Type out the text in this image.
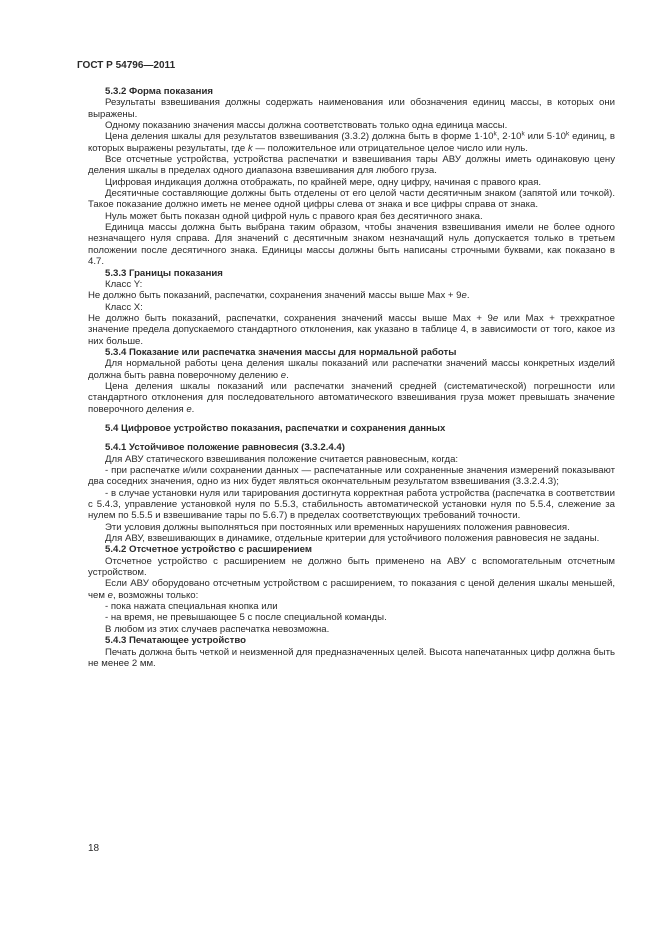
ГОСТ Р 54796—2011

5.3.2 Форма показания

Результаты взвешивания должны содержать наименования или обозначения единиц массы, в которых они выражены.

Одному показанию значения массы должна соответствовать только одна единица массы.

Цена деления шкалы для результатов взвешивания (3.3.2) должна быть в форме $1\cdot 10^k$, $2\cdot 10^k$ или $5\cdot 10^k$ единиц, в которых выражены результаты, где k — положительное или отрицательное целое число или нуль.

Все отсчетные устройства, устройства распечатки и взвешивания тары АВУ должны иметь одинаковую цену деления шкалы в пределах одного диапазона взвешивания для любого груза.

Цифровая индикация должна отображать, по крайней мере, одну цифру, начиная с правого края.

Десятичные составляющие должны быть отделены от его целой части десятичным знаком (запятой или точкой). Такое показание должно иметь не менее одной цифры слева от знака и все цифры справа от знака.

Нуль может быть показан одной цифрой нуль с правого края без десятичного знака.

Единица массы должна быть выбрана таким образом, чтобы значения взвешивания имели не более одного незначащего нуля справа. Для значений с десятичным знаком незначащий нуль допускается только в третьем положении после десятичного знака. Единицы массы должны быть написаны строчными буквами, как показано в 4.7.

5.3.3 Границы показания

Класс Y:

Не должно быть показаний, распечатки, сохранения значений массы выше Max + 9e.

Класс X:

Не должно быть показаний, распечатки, сохранения значений массы выше Max + 9e или Max + трехкратное значение предела допускаемого стандартного отклонения, как указано в таблице 4, в зависимости от того, какое из них больше.

5.3.4 Показание или распечатка значения массы для нормальной работы

Для нормальной работы цена деления шкалы показаний или распечатки значений массы конкретных изделий должна быть равна поверочному делению e.

Цена деления шкалы показаний или распечатки значений средней (систематической) погрешности или стандартного отклонения для последовательного автоматического взвешивания груза может превышать значение поверочного деления e.

5.4 Цифровое устройство показания, распечатки и сохранения данных

5.4.1 Устойчивое положение равновесия (3.3.2.4.4)

Для АВУ статического взвешивания положение считается равновесным, когда:

- при распечатке и/или сохранении данных — распечатанные или сохраненные значения измерений показывают два соседних значения, одно из них будет являться окончательным результатом взвешивания (3.3.2.4.3);

- в случае установки нуля или тарирования достигнута корректная работа устройства (распечатка в соответствии с 5.4.3, управление установкой нуля по 5.5.3, стабильность автоматической установки нуля по 5.5.4, слежение за нулем по 5.5.5 и взвешивание тары по 5.6.7) в пределах соответствующих требований точности.

Эти условия должны выполняться при постоянных или временных нарушениях положения равновесия.

Для АВУ, взвешивающих в динамике, отдельные критерии для устойчивого положения равновесия не заданы.

5.4.2 Отсчетное устройство с расширением

Отсчетное устройство с расширением не должно быть применено на АВУ с вспомогательным отсчетным устройством.

Если АВУ оборудовано отсчетным устройством с расширением, то показания с ценой деления шкалы меньшей, чем e, возможны только:

- пока нажата специальная кнопка или

- на время, не превышающее 5 с после специальной команды.

В любом из этих случаев распечатка невозможна.

5.4.3 Печатающее устройство

Печать должна быть четкой и неизменной для предназначенных целей. Высота напечатанных цифр должна быть не менее 2 мм.

18
